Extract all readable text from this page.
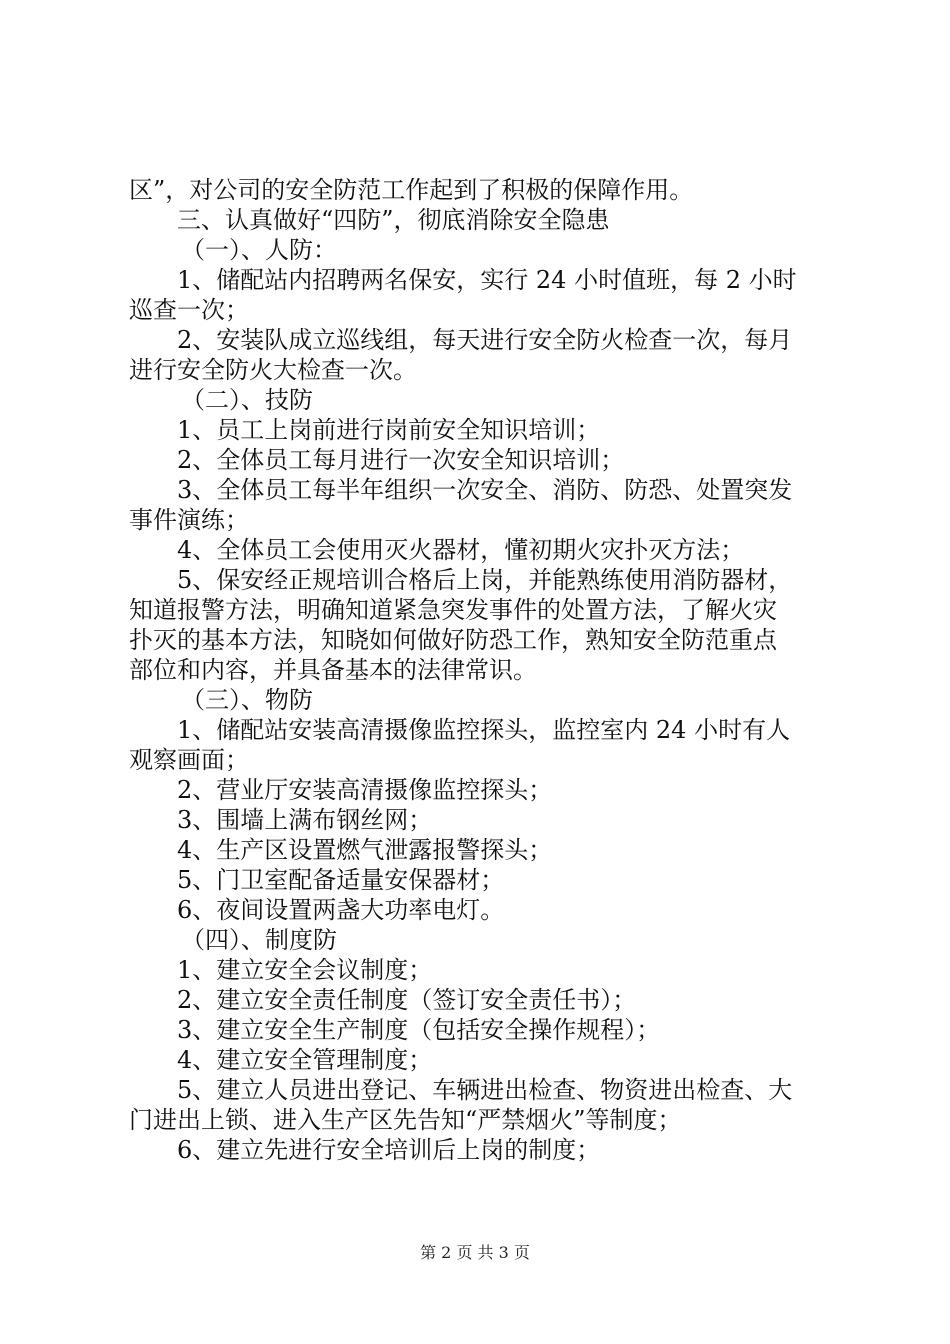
区”，对公司的安全防范工作起到了积极的保障作用。
三、认真做好“四防”，彻底消除安全隐患
（一）、人防：
1、储配站内招聘两名保安，实行 24 小时值班，每 2 小时
巡查一次；
2、安装队成立巡线组，每天进行安全防火检查一次，每月
进行安全防火大检查一次。
（二）、技防
1、员工上岗前进行岗前安全知识培训；
2、全体员工每月进行一次安全知识培训；
3、全体员工每半年组织一次安全、消防、防恐、处置突发
事件演练；
4、全体员工会使用灭火器材，懂初期火灾扑灭方法；
5、保安经正规培训合格后上岗，并能熟练使用消防器材，
知道报警方法，明确知道紧急突发事件的处置方法，了解火灾
扑灭的基本方法，知晓如何做好防恐工作，熟知安全防范重点
部位和内容，并具备基本的法律常识。
（三）、物防
1、储配站安装高清摄像监控探头，监控室内 24 小时有人
观察画面；
2、营业厅安装高清摄像监控探头；
3、围墙上满布钢丝网；
4、生产区设置燃气泄露报警探头；
5、门卫室配备适量安保器材；
6、夜间设置两盏大功率电灯。
（四）、制度防
1、建立安全会议制度；
2、建立安全责任制度（签订安全责任书）；
3、建立安全生产制度（包括安全操作规程）；
4、建立安全管理制度；
5、建立人员进出登记、车辆进出检查、物资进出检查、大
门进出上锁、进入生产区先告知“严禁烟火”等制度；
6、建立先进行安全培训后上岗的制度；
第 2 页 共 3 页
